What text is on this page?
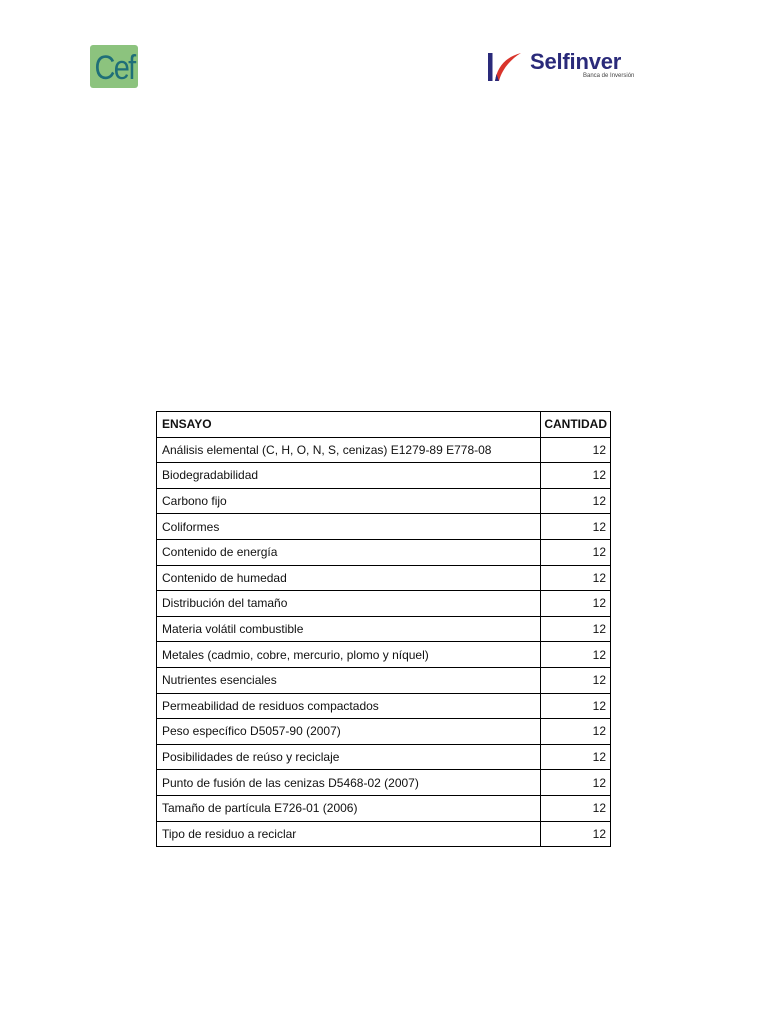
Cef	Selfinver
Banca de Inversión
ENSAYO	CANTIDAD
Análisis elemental (C, H, O, N, S, cenizas) E1279-89 E778-08	12
Biodegradabilidad	12
Carbono fijo	12
Coliformes	12
Contenido de energía	12
Contenido de humedad	12
Distribución del tamaño	12
Materia volátil combustible	12
Metales (cadmio, cobre, mercurio, plomo y níquel)	12
Nutrientes esenciales	12
Permeabilidad de residuos compactados	12
Peso específico D5057-90 (2007)	12
Posibilidades de reúso y reciclaje	12
Punto de fusión de las cenizas D5468-02 (2007)	12
Tamaño de partícula E726-01 (2006)	12
Tipo de residuo a reciclar	12
